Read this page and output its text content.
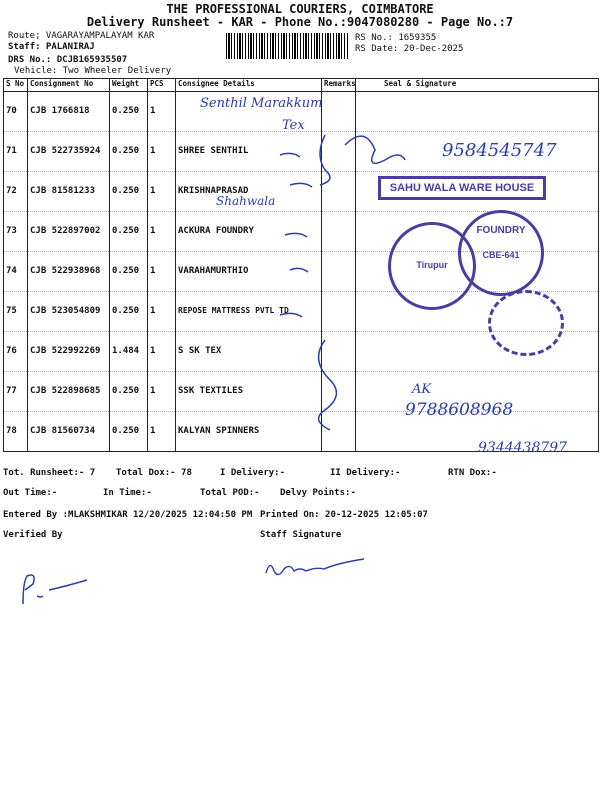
THE PROFESSIONAL COURIERS, COIMBATORE
Delivery Runsheet - KAR - Phone No.:9047080280 - Page No.:7
Route; VAGARAYAMPALAYAM KAR
Staff: PALANIRAJ
DRS No.: DCJB165935507
Vehicle: Two Wheeler Delivery
RS No.: 1659355
RS Date: 20-Dec-2025
S No	Consignment No	Weight	PCS	Consignee Details	Remarks	Seal & Signature
70	CJB 1766818	0.250	1			
71	CJB 522735924	0.250	1	SHREE SENTHIL		
72	CJB 81581233	0.250	1	KRISHNAPRASAD		
73	CJB 522897002	0.250	1	ACKURA FOUNDRY		
74	CJB 522938968	0.250	1	VARAHAMURTHIO		
75	CJB 523054809	0.250	1	REPOSE MATTRESS PVTL TD		
76	CJB 522992269	1.484	1	S SK TEX		
77	CJB 522898685	0.250	1	SSK TEXTILES		
78	CJB 81560734	0.250	1	KALYAN SPINNERS		
Senthil Marakkum
Tex
9584545747
Shahwala
AK
9788608968
9344438797
SAHU WALA WARE HOUSE
Tirupur
FOUNDRY
CBE-641
Tot. Runsheet:- 7 Total Dox:- 78	I Delivery:-	II Delivery:-	RTN Dox:-
Out Time:-	In Time:-	Total POD:- Delvy Points:-
Entered By :MLAKSHMIKAR 12/20/2025 12:04:50 PM Printed On: 20-12-2025 12:05:07
Verified By	Staff Signature
